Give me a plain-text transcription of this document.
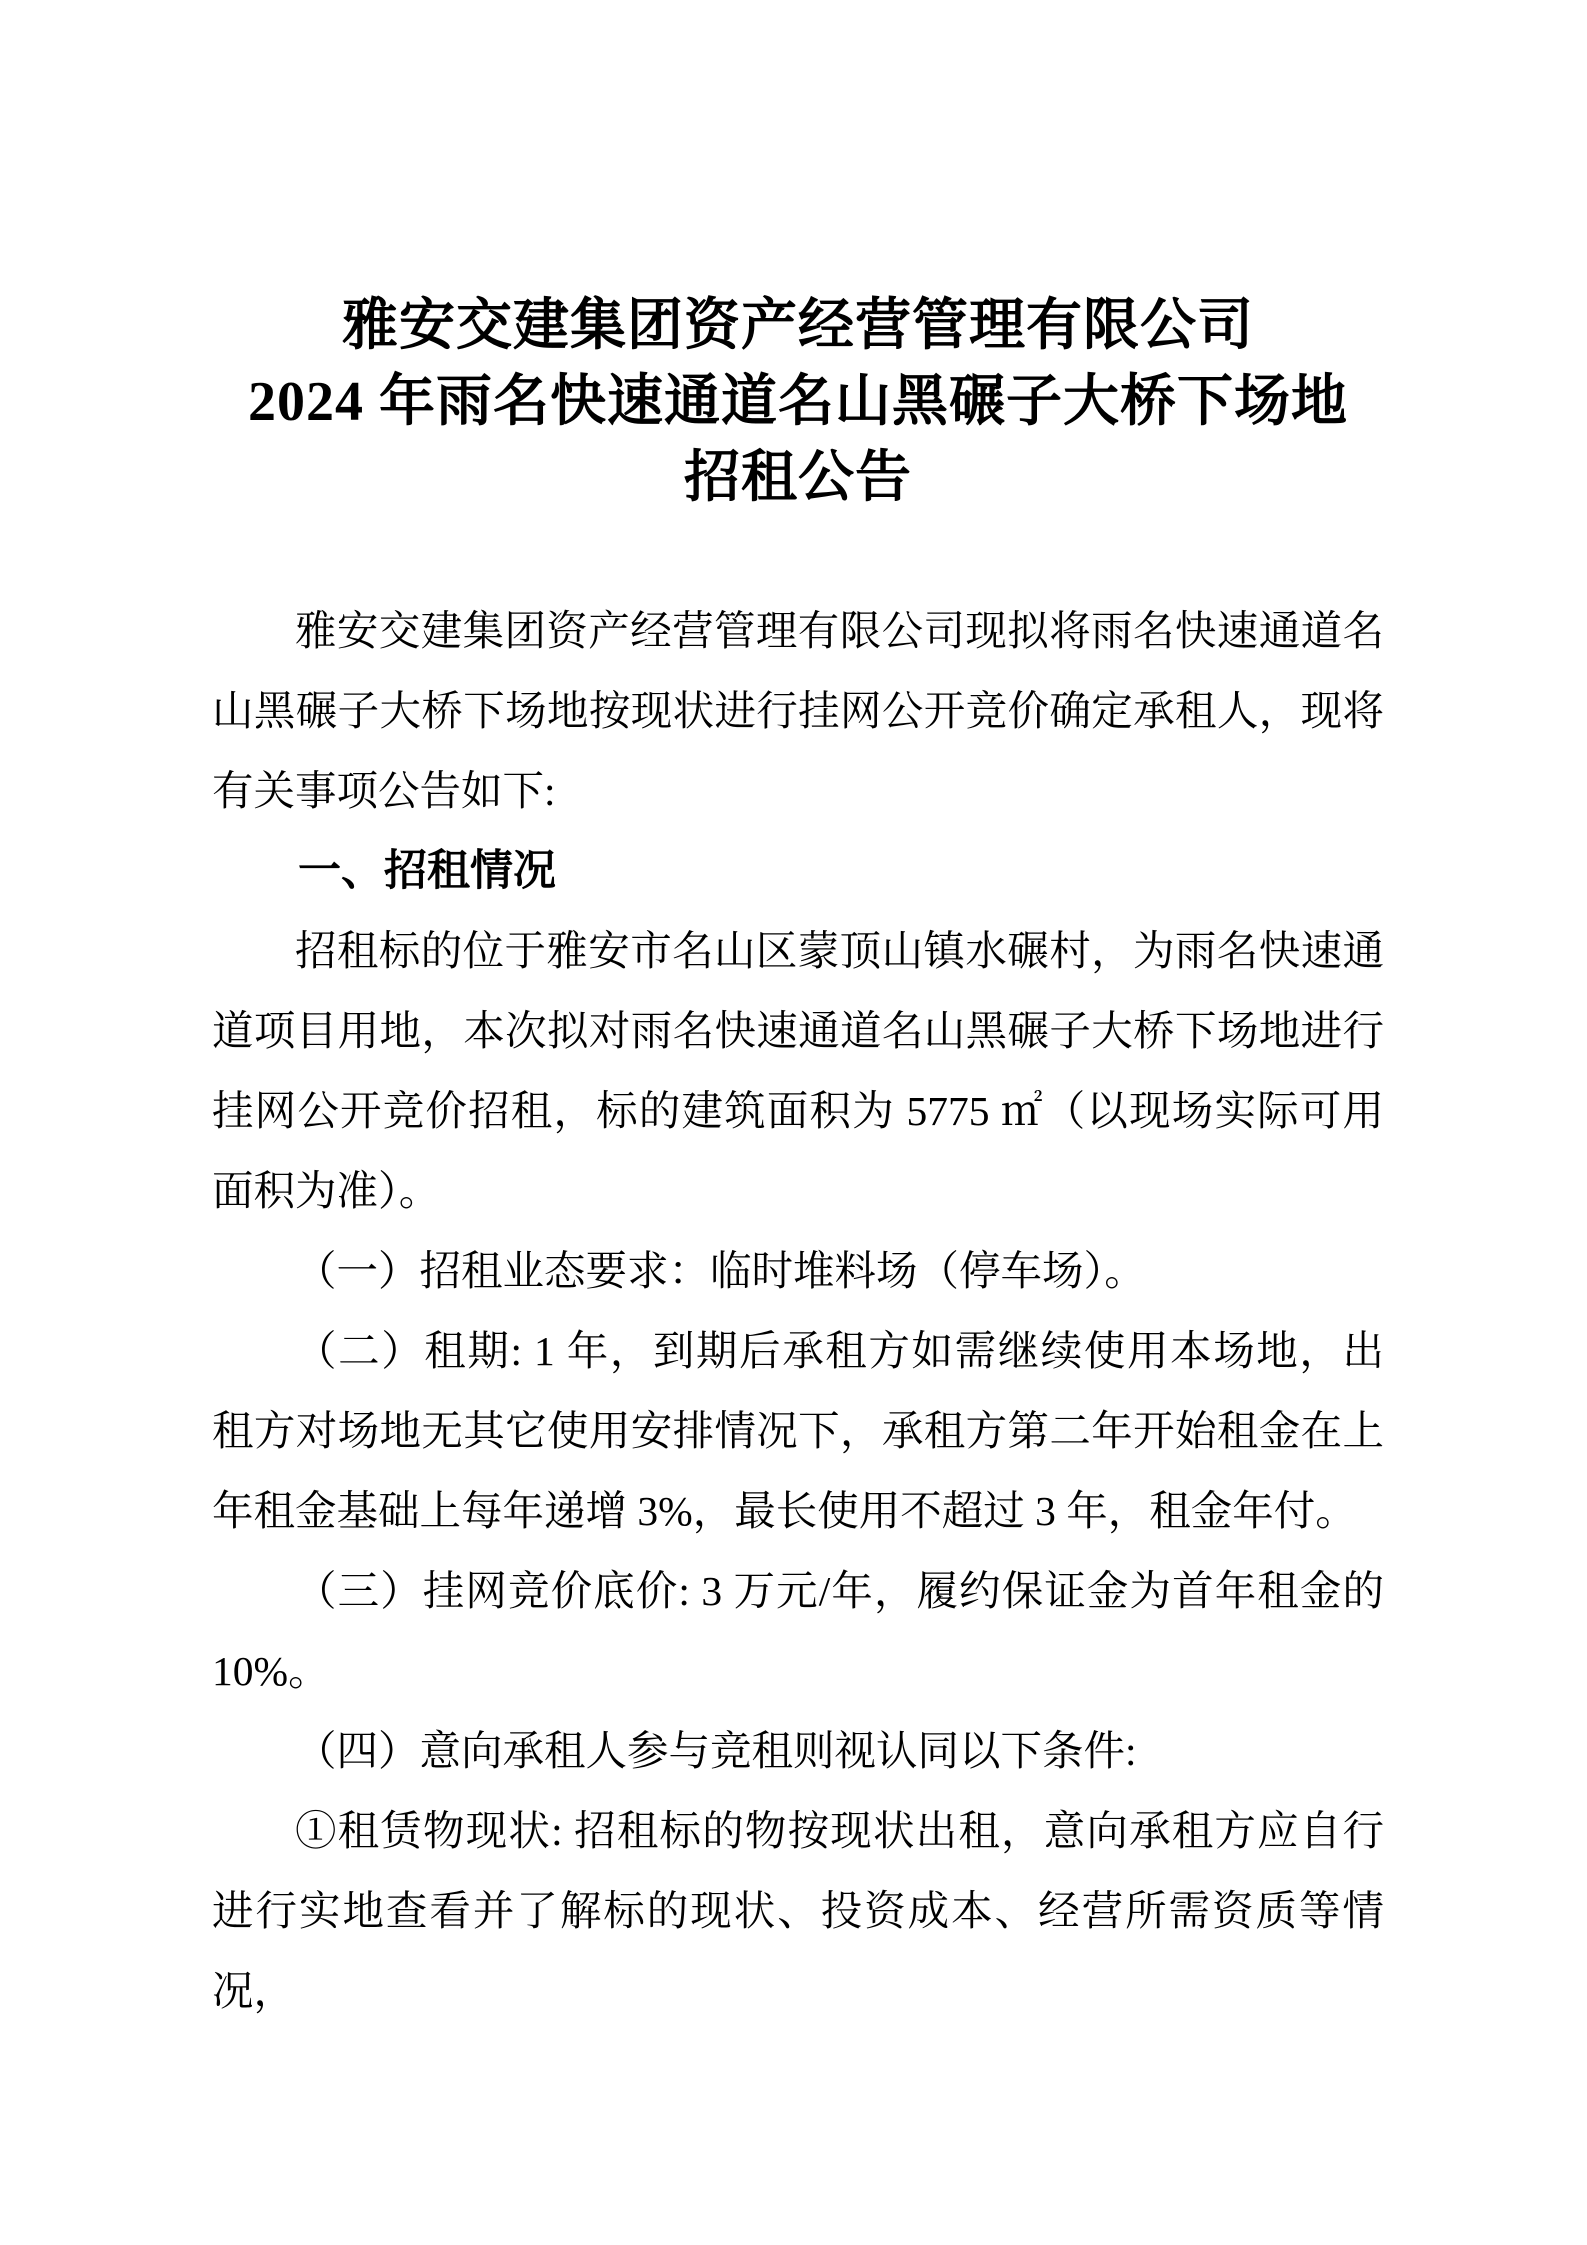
雅安交建集团资产经营管理有限公司
2024 年雨名快速通道名山黑碾子大桥下场地
招租公告

雅安交建集团资产经营管理有限公司现拟将雨名快速通道名山黑碾子大桥下场地按现状进行挂网公开竞价确定承租人，现将有关事项公告如下:

一、招租情况

招租标的位于雅安市名山区蒙顶山镇水碾村，为雨名快速通道项目用地，本次拟对雨名快速通道名山黑碾子大桥下场地进行挂网公开竞价招租，标的建筑面积为 5775 ㎡（以现场实际可用面积为准）。

（一）招租业态要求：临时堆料场（停车场）。

（二）租期: 1 年，到期后承租方如需继续使用本场地，出租方对场地无其它使用安排情况下，承租方第二年开始租金在上年租金基础上每年递增 3%，最长使用不超过 3 年，租金年付。

（三）挂网竞价底价: 3 万元/年，履约保证金为首年租金的 10%。

（四）意向承租人参与竞租则视认同以下条件:

①租赁物现状: 招租标的物按现状出租，意向承租方应自行进行实地查看并了解标的现状、投资成本、经营所需资质等情况，
